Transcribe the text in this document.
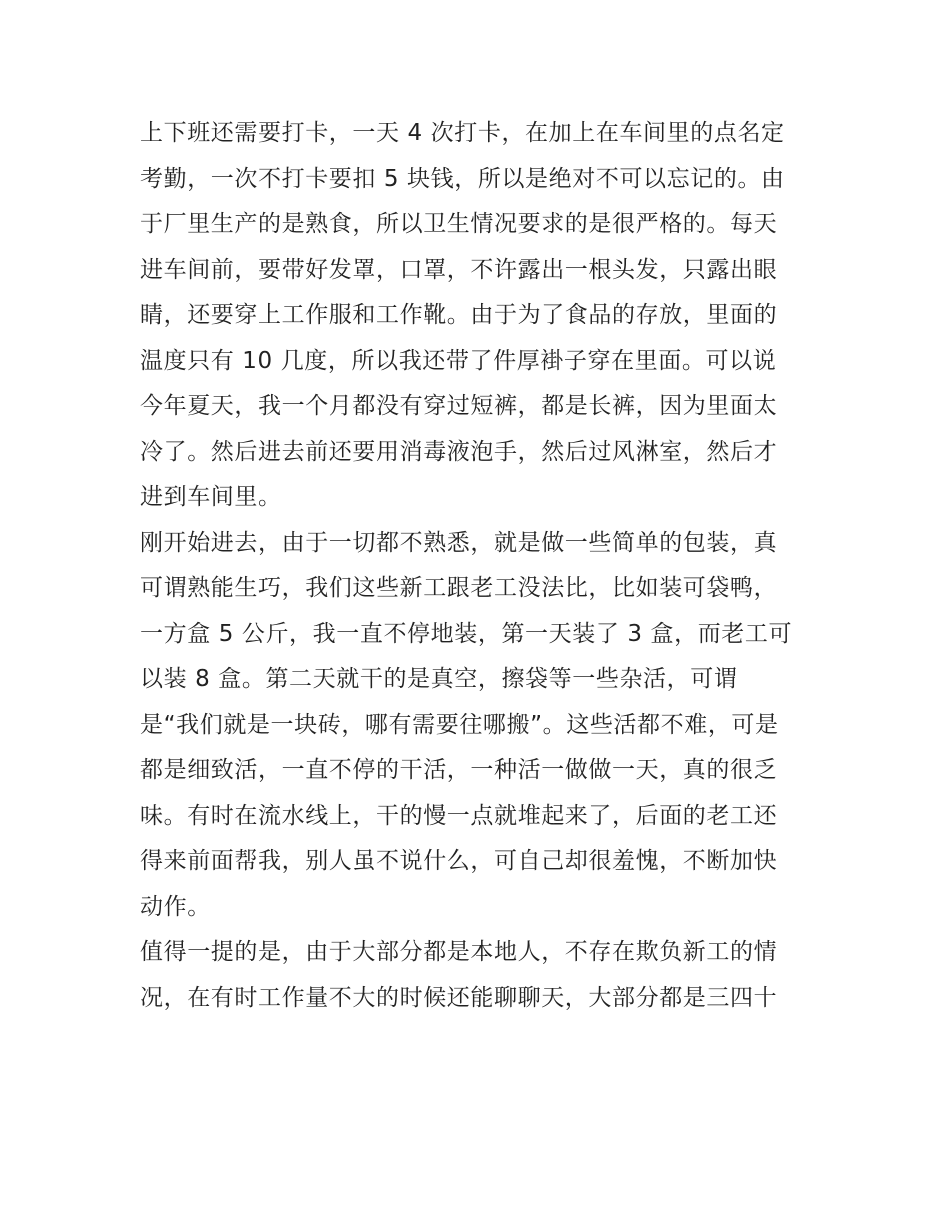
上下班还需要打卡，一天 4 次打卡，在加上在车间里的点名定
考勤，一次不打卡要扣 5 块钱，所以是绝对不可以忘记的。由
于厂里生产的是熟食，所以卫生情况要求的是很严格的。每天
进车间前，要带好发罩，口罩，不许露出一根头发，只露出眼
睛，还要穿上工作服和工作靴。由于为了食品的存放，里面的
温度只有 10 几度，所以我还带了件厚褂子穿在里面。可以说
今年夏天，我一个月都没有穿过短裤，都是长裤，因为里面太
冷了。然后进去前还要用消毒液泡手，然后过风淋室，然后才
进到车间里。
刚开始进去，由于一切都不熟悉，就是做一些简单的包装，真
可谓熟能生巧，我们这些新工跟老工没法比，比如装可袋鸭，
一方盒 5 公斤，我一直不停地装，第一天装了 3 盒，而老工可
以装 8 盒。第二天就干的是真空，擦袋等一些杂活，可谓
是“我们就是一块砖，哪有需要往哪搬”。这些活都不难，可是
都是细致活，一直不停的干活，一种活一做做一天，真的很乏
味。有时在流水线上，干的慢一点就堆起来了，后面的老工还
得来前面帮我，别人虽不说什么，可自己却很羞愧，不断加快
动作。
值得一提的是，由于大部分都是本地人，不存在欺负新工的情
况，在有时工作量不大的时候还能聊聊天，大部分都是三四十
